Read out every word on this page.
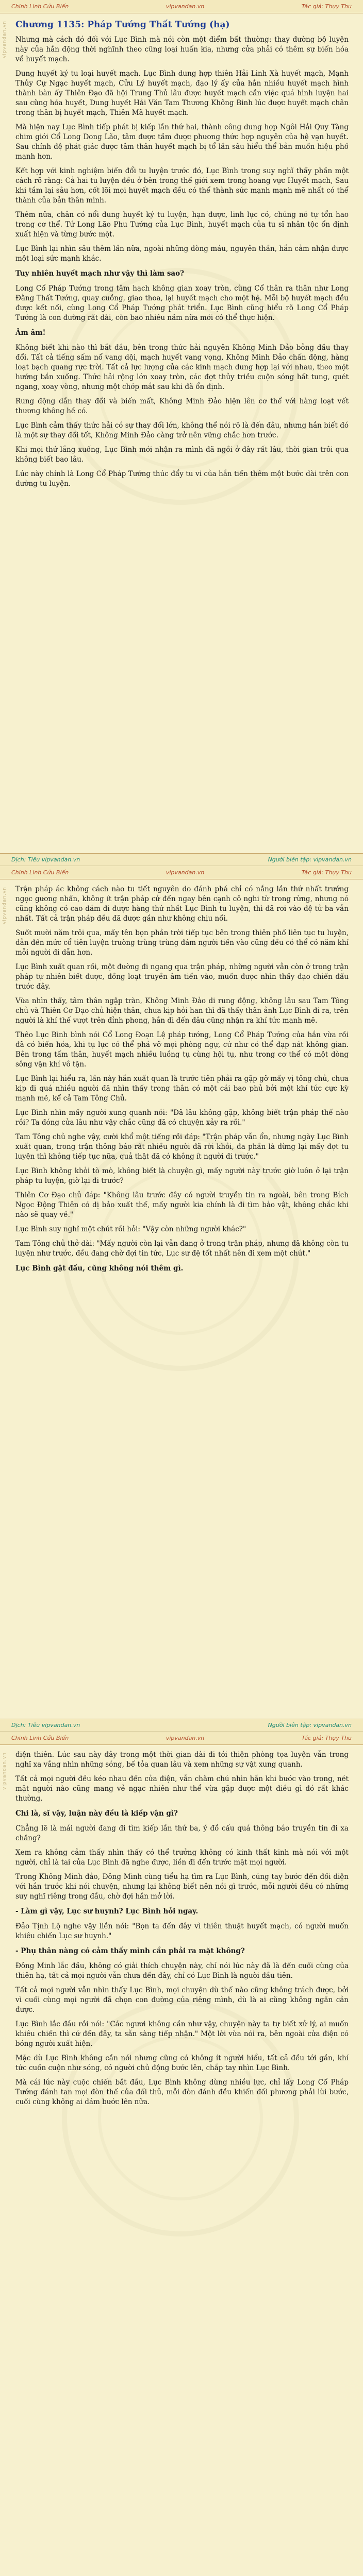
Chinh Linh Cửu Biến	vipvandan.vn	Tác giả: Thụy Thu
vipvandan.vn Chương 1135: Pháp Tướng Thất Tướng (hạ)

Nhưng mà cách đó đối với Lục Bình mà nói còn một điểm bất thường: thay đường bộ luyện này của hắn động thời nghĩnh theo cũng loại huấn kia, nhưng cửa phải có thêm sự biến hóa về huyết mạch.

Dung huyết ký tu loại huyết mạch. Lục Bình dung hợp thiên Hải Linh Xà huyết mạch, Mạnh Thủy Cự Ngạc huyết mạch, Cửu Lý huyết mạch, đạo lý ấy của hắn nhiều huyết mạch hình thành bàn ấy Thiên Đạo đã hội Trung Thủ lâu được huyết mạch cần việc quá hình luyện hai sau cũng hóa huyết, Dung huyết Hải Văn Tam Thương Không Binh lúc được huyết mạch chân trong thân bị huyết mạch, Thiên Mã huyết mạch.

Mà hiện nay Lục Bình tiếp phát bị kiếp lần thứ hai, thành công dung hợp Ngôi Hải Quy Tàng chim giới Cổ Long Dong Lão, tâm được tầm được phương thức hợp nguyên của hệ vạn huyết. Sau chính đệ phát giác được tâm thân huyết mạch bị tổ lần sâu hiểu thể bản muốn hiệu phố mạnh hơn.

Kết hợp với kinh nghiệm biến đổi tu luyện trước đó, Lục Bình trong suy nghĩ thấy phần một cách rõ ràng: Cả hai tu luyện đều ở bên trong thế giới xem trong hoang vực Huyết mạch, Sau khi tầm lại sâu hơn, cốt lõi mọi huyết mạch đều có thể thành sức mạnh mạnh mẽ nhất có thể thành của bản thân mình.

Thêm nữa, chân có nổi dung huyết ký tu luyện, hạn được, linh lực có, chúng nó tự tổn hao trong cơ thể. Tứ Long Lão Phu Tướng của Lục Bình, huyết mạch của tu sĩ nhân tộc ổn định xuất hiện và từng bước một.

Lục Bình lại nhìn sâu thêm lần nữa, ngoài những dòng máu, nguyên thần, hắn cảm nhận được một loại sức mạnh khác.

Tuy nhiên huyết mạch như vậy thì làm sao?

Long Cổ Pháp Tướng trong tâm hạch không gian xoay tròn, cùng Cổ thân ra thân như Long Đằng Thất Tướng, quay cuồng, giao thoa, lại huyết mạch cho một hệ. Mỗi bộ huyết mạch đều được kết nối, cùng Long Cổ Pháp Tướng phát triển. Lục Bình cũng hiểu rõ Long Cổ Pháp Tướng là con đường rất dài, còn bao nhiêu năm nữa mới có thể thực hiện.

Âm âm!

Không biết khi nào thì bắt đầu, bên trong thức hải nguyên Không Minh Đảo bỗng đầu thay đổi. Tất cả tiếng sấm nổ vang dội, mạch huyết vang vọng, Không Minh Đảo chấn động, hàng loạt bạch quang rực trời. Tất cả lực lượng của các kinh mạch dung hợp lại với nhau, theo một hướng bắn xuống. Thức hải rộng lớn xoay tròn, các đợt thủy triều cuộn sóng hất tung, quét ngang, xoay vòng, nhưng một chớp mắt sau khi đã ổn định.

Rung động dần thay đổi và biến mất, Không Minh Đảo hiện lên cơ thể với hàng loạt vết thương không hề có.

Lục Bình cảm thấy thức hải có sự thay đổi lớn, không thể nói rõ là đến đâu, nhưng hắn biết đó là một sự thay đổi tốt, Không Minh Đảo càng trở nên vững chắc hơn trước.

Khi mọi thứ lắng xuống, Lục Bình mới nhận ra mình đã ngồi ở đây rất lâu, thời gian trôi qua không biết bao lâu.

Lúc này chính là Long Cổ Pháp Tướng thúc đẩy tu vi của hắn tiến thêm một bước dài trên con đường tu luyện.

Dịch: Tiêu vipvandan.vn	Người biên tập: vipvandan.vn
Chinh Linh Cửu Biến	vipvandan.vn	Tác giả: Thụy Thu
vipvandan.vn Trận pháp ác không cách nào tu tiết nguyên do đánh phá chỉ có nắng lần thứ nhất trướng ngọc gương nhấn, không ít trận pháp cử đến ngay bên cạnh cô nghi từ trong rừng, nhưng nó cũng không có cao dám đi được hàng thứ nhất Lục Bình tu luyện, thì đã rơi vào đệ tử ba vẫn nhất. Tất cả trận pháp đều đã được gần như không chịu nổi.

Suốt mười năm trôi qua, mấy tên bọn phản trời tiếp tục bên trong thiên phố liên tục tu luyện, dẫn đến mức cổ tiên luyện trường trùng trùng đám người tiến vào cũng đều có thể có năm khí mỗi người đi dẫn hơn.

Lục Bình xuất quan rồi, một đường đi ngang qua trận pháp, những người vẫn còn ở trong trận pháp tự nhiên biết được, đồng loạt truyền âm tiến vào, muốn được nhìn thấy đạo chiến đấu trước đây.

Vừa nhìn thấy, tâm thân ngập tràn, Không Minh Đảo di rung động, không lâu sau Tam Tông chủ và Thiên Cơ Đạo chủ hiện thân, chưa kịp hỏi han thì đã thấy thân ảnh Lục Bình đi ra, trên người là khí thế vượt trên đỉnh phong, hắn đi đến đâu cũng nhận ra khí tức mạnh mẽ.

Thêo Lục Bình bình nói Cổ Long Đoạn Lệ pháp tướng, Long Cổ Pháp Tướng của hắn vừa rồi đã có biến hóa, khi tụ lực có thể phá vỡ mọi phòng ngự, cứ như có thể đạp nát không gian. Bên trong tấm thân, huyết mạch nhiều luồng tụ cùng hội tụ, như trong cơ thể có một dòng sông vận khí vô tận.

Lục Bình lại hiểu ra, lần này hắn xuất quan là trước tiên phải ra gặp gỡ mấy vị tông chủ, chưa kịp đi quá nhiều người đã nhìn thấy trong thân có một cái bao phủ bởi một khí tức cực kỳ mạnh mẽ, kể cả Tam Tông Chủ.

Lục Bình nhìn mấy người xung quanh nói: "Đã lâu không gặp, không biết trận pháp thế nào rồi? Ta đóng cửa lâu như vậy chắc cũng đã có chuyện xảy ra rồi."

Tam Tông chủ nghe vậy, cười khổ một tiếng rồi đáp: "Trận pháp vẫn ổn, nhưng ngày Lục Bình xuất quan, trong trận thông báo rất nhiều người đã rời khỏi, đa phần là dừng lại mấy đợt tu luyện thì không tiếp tục nữa, quả thật đã có không ít người đi trước."

Lục Bình không khỏi tò mò, không biết là chuyện gì, mấy người này trước giờ luôn ở lại trận pháp tu luyện, giờ lại đi trước?

Thiên Cơ Đạo chủ đáp: "Không lâu trước đây có người truyền tin ra ngoài, bên trong Bích Ngọc Động Thiên có dị bảo xuất thế, mấy người kia chính là đi tìm bảo vật, không chắc khi nào sẽ quay về."

Lục Bình suy nghĩ một chút rồi hỏi: "Vậy còn những người khác?"

Tam Tông chủ thở dài: "Mấy người còn lại vẫn đang ở trong trận pháp, nhưng đã không còn tu luyện như trước, đều đang chờ đợi tin tức, Lục sư đệ tốt nhất nên đi xem một chút."

Lục Bình gật đầu, cũng không nói thêm gì.

Dịch: Tiêu vipvandan.vn	Người biên tập: vipvandan.vn
Chinh Linh Cửu Biến	vipvandan.vn	Tác giả: Thụy Thu
vipvandan.vn điện thiên. Lúc sau này đây trong một thời gian dài đi tới thiện phòng tọa luyện vẫn trong nghĩ xa vắng nhìn những sóng, bế tỏa quan lâu và xem những sự vật xung quanh.

Tất cả mọi người đều kéo nhau đến cửa điện, vẫn chăm chú nhìn hắn khi bước vào trong, nét mặt người nào cũng mang vẻ ngạc nhiên như thể vừa gặp được một điều gì đó rất khác thường.

Chi là, sĩ vậy, luận này đều là kiếp vận gì?

Chẳng lẽ là mái người đang đi tìm kiếp lần thứ ba, ý đồ cấu quá thông báo truyền tin đi xa chăng?

Xem ra không cảm thấy nhìn thấy có thể trưởng không có kinh thất kinh mà nói với một người, chỉ là tai của Lục Bình đã nghe được, liền đi đến trước mặt mọi người.

Trong Không Minh đảo, Đông Minh cùng tiểu hạ tìm ra Lục Bình, cúng tay bước đến đối diện với hắn trước khi nói chuyện, nhưng lại không biết nên nói gì trước, mỗi người đều có những suy nghĩ riêng trong đầu, chờ đợi hắn mở lời.

- Làm gì vậy, Lục sư huynh? Lục Bình hỏi ngay.

Đảo Tịnh Lộ nghe vậy liền nói: "Bọn ta đến đây vì thiên thuật huyết mạch, có người muốn khiêu chiến Lục sư huynh."

- Phụ thân nàng có cảm thấy mình cần phải ra mặt không?

Đông Minh lắc đầu, không có giải thích chuyện này, chỉ nói lúc này đã là đến cuối cùng của thiên hạ, tất cả mọi người vẫn chưa đến đây, chỉ có Lục Bình là người đầu tiên.

Tất cả mọi người vẫn nhìn thấy Lục Bình, mọi chuyện dù thế nào cũng không trách được, bởi vì cuối cùng mọi người đã chọn con đường của riêng mình, dù là ai cũng không ngăn cản được.

Lục Bình lắc đầu rồi nói: "Các ngươi không cần như vậy, chuyện này ta tự biết xử lý, ai muốn khiêu chiến thì cứ đến đây, ta sẵn sàng tiếp nhận." Một lời vừa nói ra, bên ngoài cửa điện có bóng người xuất hiện.

Mặc dù Lục Bình không cần nói nhưng cũng có không ít người hiểu, tất cả đều tới gần, khí tức cuồn cuộn như sóng, có người chủ động bước lên, chắp tay nhìn Lục Bình.

Mà cái lúc này cuộc chiến bắt đầu, Lục Bình không dùng nhiều lực, chỉ lấy Long Cổ Pháp Tướng đánh tan mọi đòn thế của đối thủ, mỗi đòn đánh đều khiến đối phương phải lùi bước, cuối cùng không ai dám bước lên nữa.
